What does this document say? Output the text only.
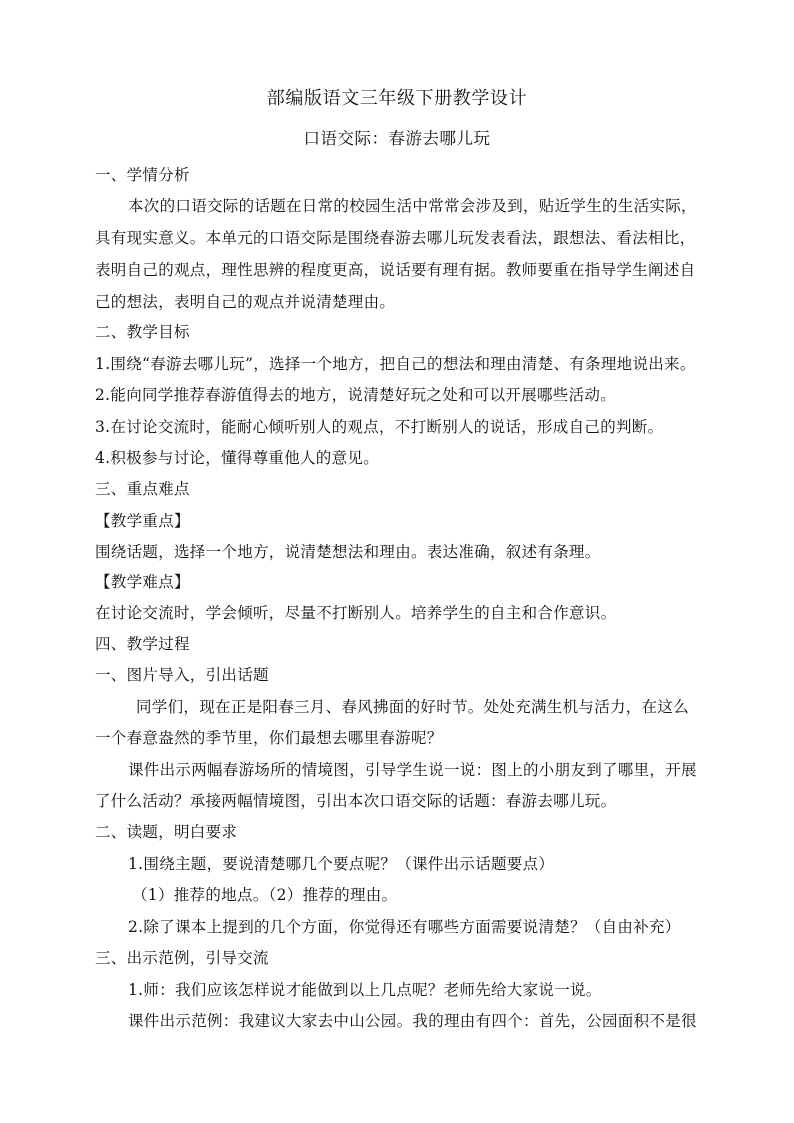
部编版语文三年级下册教学设计
口语交际：春游去哪儿玩
一、学情分析
本次的口语交际的话题在日常的校园生活中常常会涉及到，贴近学生的生活实际，
具有现实意义。本单元的口语交际是围绕春游去哪儿玩发表看法，跟想法、看法相比，
表明自己的观点，理性思辨的程度更高，说话要有理有据。教师要重在指导学生阐述自
己的想法，表明自己的观点并说清楚理由。
二、教学目标
1.围绕“春游去哪儿玩”，选择一个地方，把自己的想法和理由清楚、有条理地说出来。
2.能向同学推荐春游值得去的地方，说清楚好玩之处和可以开展哪些活动。
3.在讨论交流时，能耐心倾听别人的观点，不打断别人的说话，形成自己的判断。
4.积极参与讨论，懂得尊重他人的意见。
三、重点难点
【教学重点】
围绕话题，选择一个地方，说清楚想法和理由。表达准确，叙述有条理。
【教学难点】
在讨论交流时，学会倾听，尽量不打断别人。培养学生的自主和合作意识。
四、教学过程
一、图片导入，引出话题
同学们，现在正是阳春三月、春风拂面的好时节。处处充满生机与活力，在这么
一个春意盎然的季节里，你们最想去哪里春游呢？
课件出示两幅春游场所的情境图，引导学生说一说：图上的小朋友到了哪里，开展
了什么活动？承接两幅情境图，引出本次口语交际的话题：春游去哪儿玩。
二、读题，明白要求
1.围绕主题，要说清楚哪几个要点呢？（课件出示话题要点）
（1）推荐的地点。（2）推荐的理由。
2.除了课本上提到的几个方面，你觉得还有哪些方面需要说清楚？（自由补充）
三、出示范例，引导交流
1.师：我们应该怎样说才能做到以上几点呢？老师先给大家说一说。
课件出示范例：我建议大家去中山公园。我的理由有四个：首先，公园面积不是很
